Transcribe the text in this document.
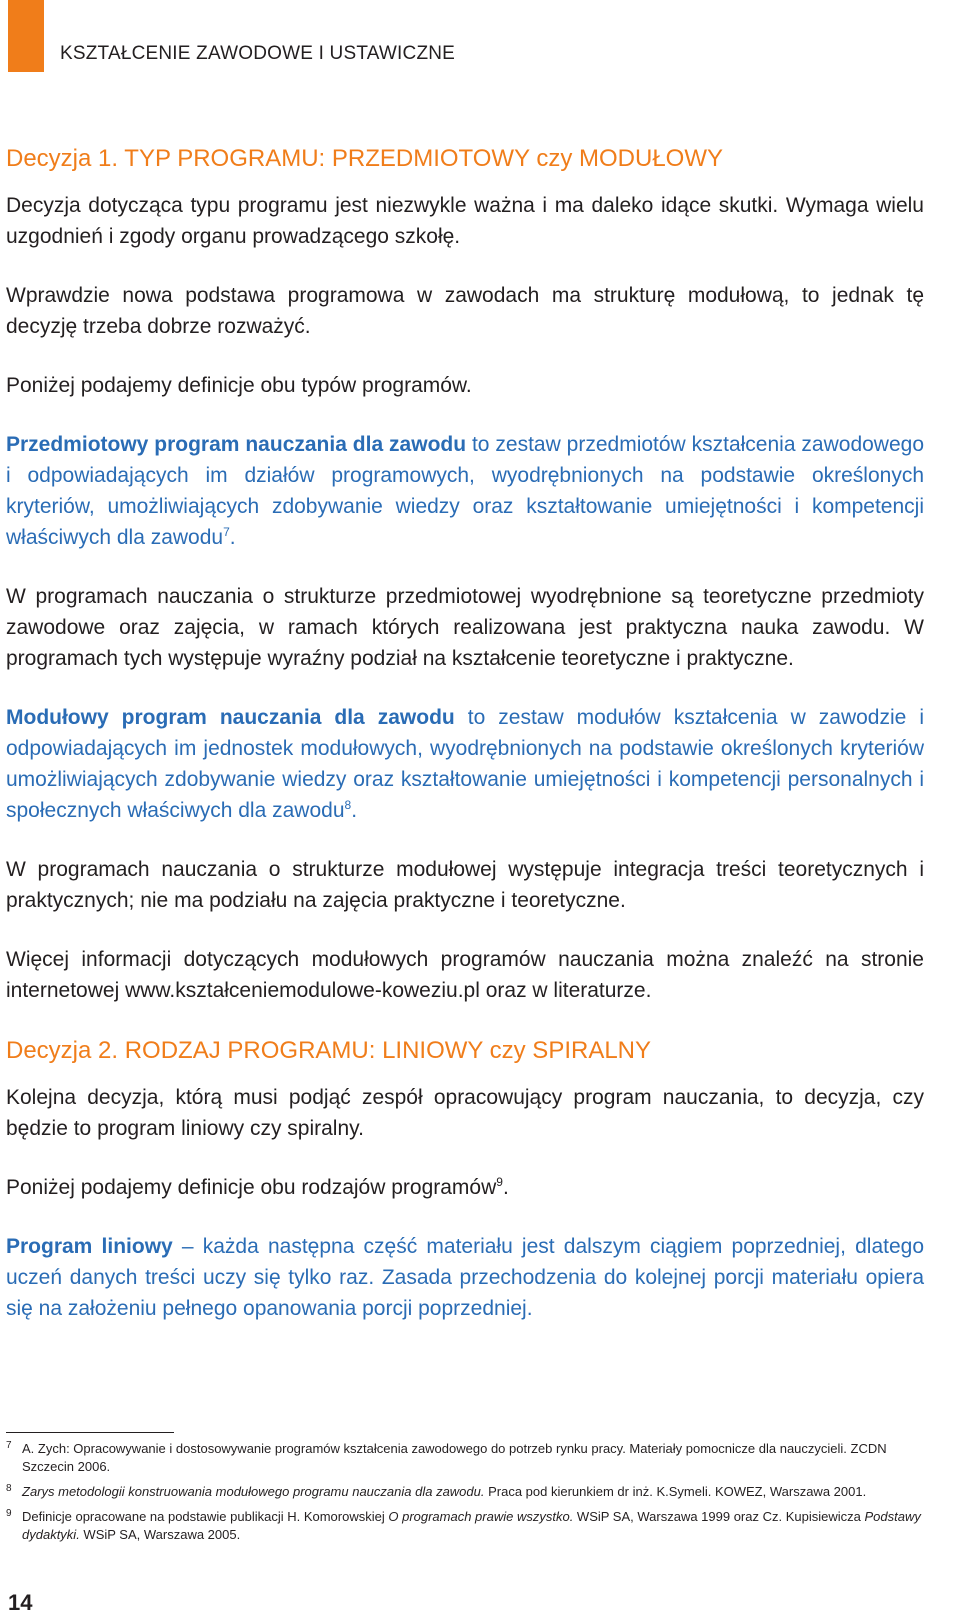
KSZTAŁCENIE ZAWODOWE I USTAWICZNE
Decyzja 1. TYP PROGRAMU: PRZEDMIOTOWY czy MODUŁOWY

Decyzja dotycząca typu programu jest niezwykle ważna i ma daleko idące skutki. Wymaga wielu uzgodnień i zgody organu prowadzącego szkołę.

Wprawdzie nowa podstawa programowa w zawodach ma strukturę modułową, to jednak tę decyzję trzeba dobrze rozważyć.

Poniżej podajemy definicje obu typów programów.

Przedmiotowy program nauczania dla zawodu to zestaw przedmiotów kształcenia zawodowego i odpowiadających im działów programowych, wyodrębnionych na podstawie określonych kryteriów, umożliwiających zdobywanie wiedzy oraz kształtowanie umiejętności i kompetencji właściwych dla zawodu$^7$.

W programach nauczania o strukturze przedmiotowej wyodrębnione są teoretyczne przedmioty zawodowe oraz zajęcia, w ramach których realizowana jest praktyczna nauka zawodu. W programach tych występuje wyraźny podział na kształcenie teoretyczne i praktyczne.

Modułowy program nauczania dla zawodu to zestaw modułów kształcenia w zawodzie i odpowiadających im jednostek modułowych, wyodrębnionych na podstawie określonych kryteriów umożliwiających zdobywanie wiedzy oraz kształtowanie umiejętności i kompetencji personalnych i społecznych właściwych dla zawodu$^8$.

W programach nauczania o strukturze modułowej występuje integracja treści teoretycznych i praktycznych; nie ma podziału na zajęcia praktyczne i teoretyczne.

Więcej informacji dotyczących modułowych programów nauczania można znaleźć na stronie internetowej www.kształceniemodulowe-koweziu.pl oraz w literaturze.

Decyzja 2. RODZAJ PROGRAMU: LINIOWY czy SPIRALNY

Kolejna decyzja, którą musi podjąć zespół opracowujący program nauczania, to decyzja, czy będzie to program liniowy czy spiralny.

Poniżej podajemy definicje obu rodzajów programów$^9$.

Program liniowy – każda następna część materiału jest dalszym ciągiem poprzedniej, dlatego uczeń danych treści uczy się tylko raz. Zasada przechodzenia do kolejnej porcji materiału opiera się na założeniu pełnego opanowania porcji poprzedniej.

7 A. Zych: Opracowywanie i dostosowywanie programów kształcenia zawodowego do potrzeb rynku pracy. Materiały pomocnicze dla nauczycieli. ZCDN Szczecin 2006.
8 Zarys metodologii konstruowania modułowego programu nauczania dla zawodu. Praca pod kierunkiem dr inż. K.Symeli. KOWEZ, Warszawa 2001.
9 Definicje opracowane na podstawie publikacji H. Komorowskiej O programach prawie wszystko. WSiP SA, Warszawa 1999 oraz Cz. Kupisiewicza Podstawy dydaktyki. WSiP SA, Warszawa 2005.
14
